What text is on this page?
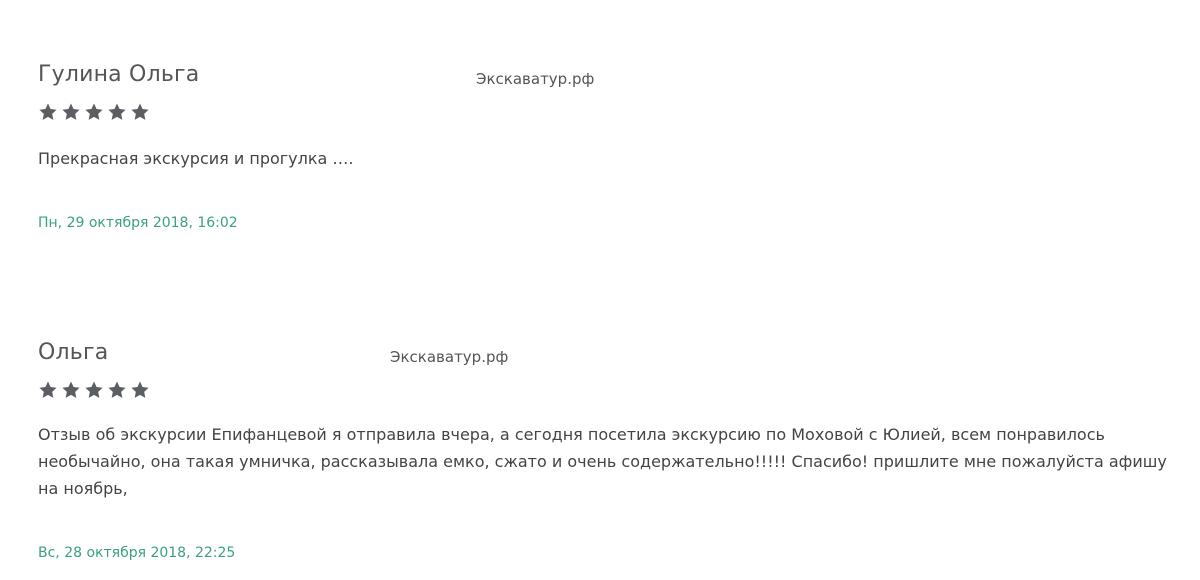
Гулина Ольга	Экскаватур.рф
Прекрасная экскурсия и прогулка ….
Пн, 29 октября 2018, 16:02
Ольга	Экскаватур.рф
Отзыв об экскурсии Епифанцевой я отправила вчера, а сегодня посетила экскурсию по Моховой с Юлией, всем понравилось необычайно, она такая умничка, рассказывала емко, сжато и очень содержательно!!!!! Спасибо! пришлите мне пожалуйста афишу на ноябрь,
Вс, 28 октября 2018, 22:25
